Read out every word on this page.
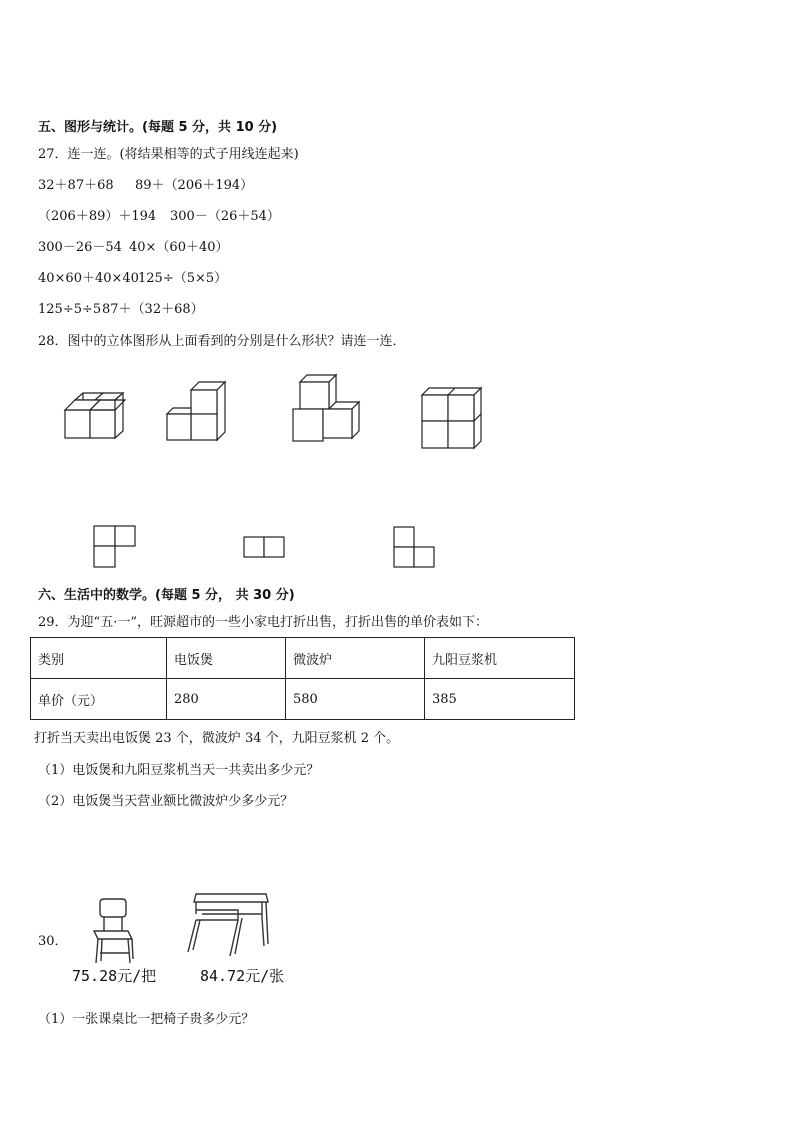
五、图形与统计。(每题 5 分，共 10 分)
27．连一连。(将结果相等的式子用线连起来)
32＋87＋68 89＋（206＋194）
（206＋89）＋194 300－（26＋54）
300－26－54 40×（60＋40）
40×60＋40×40 125÷（5×5）
125÷5÷5 87＋（32＋68）
28．图中的立体图形从上面看到的分别是什么形状？请连一连．
六、生活中的数学。(每题 5 分， 共 30 分)
29．为迎“五·一”，旺源超市的一些小家电打折出售，打折出售的单价表如下：
类别	电饭煲	微波炉	九阳豆浆机
单价（元）	280	580	385
打折当天卖出电饭煲 23 个，微波炉 34 个，九阳豆浆机 2 个。
（1）电饭煲和九阳豆浆机当天一共卖出多少元？
（2）电饭煲当天营业额比微波炉少多少元？
30．
75.28元/把	84.72元/张
（1）一张课桌比一把椅子贵多少元？
